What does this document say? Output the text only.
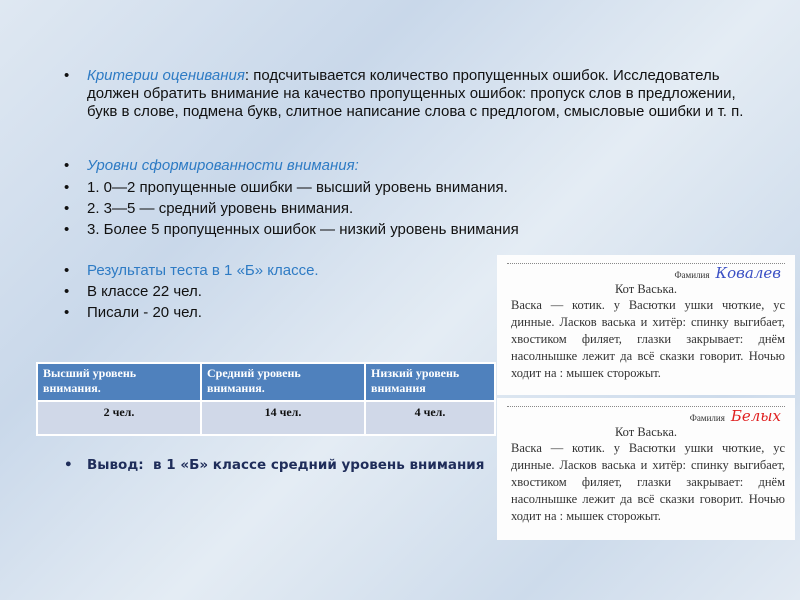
• Критерии оценивания: подсчитывается количество пропущенных ошибок. Исследователь должен обратить внимание на качество пропущенных ошибок: пропуск слов в предложении, букв в слове, подмена букв, слитное написание слова с предлогом, смысловые ошибки и т. п.
• Уровни сформированности внимания:
• 1. 0—2 пропущенные ошибки — высший уровень внимания.
• 2. 3—5 — средний уровень внимания.
• 3. Более 5 пропущенных ошибок — низкий уровень внимания
• Результаты теста в 1 «Б» классе.
• В классе 22 чел.
• Писали - 20 чел.
Высший уровень внимания.	Средний уровень внимания.	Низкий уровень внимания
2 чел.	14 чел.	4 чел.
• Вывод: в 1 «Б» классе средний уровень внимания
Фамилия Ковалев

Кот Васька.

Васка — котик. у Васютки ушки чюткие, ус динные. Ласков васька и хитёр: спинку выгибает, хвостиком филяет, глазки закрывает: днём насолнышке лежит да всё сказки говорит. Ночью ходит на : мышек сторожыт.
Фамилия Белых

Кот Васька.

Васка — котик. у Васютки ушки чюткие, ус динные. Ласков васька и хитёр: спинку выгибает, хвостиком филяет, глазки закрывает: днём насолнышке лежит да всё сказки говорит. Ночью ходит на : мышек сторожыт.
